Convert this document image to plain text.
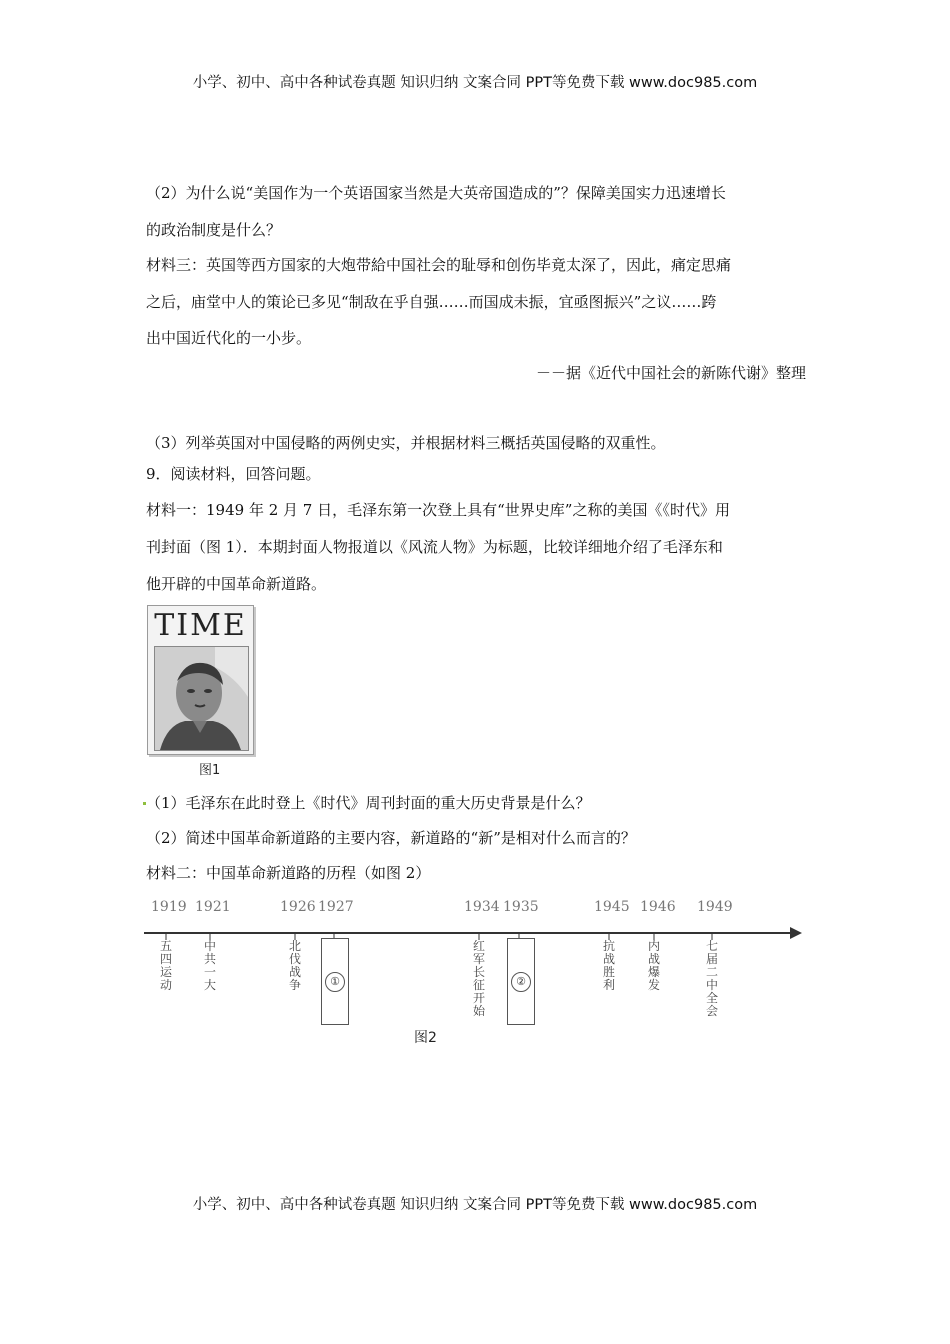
小学、初中、高中各种试卷真题 知识归纳 文案合同 PPT等免费下载 www.doc985.com
（2）为什么说“美国作为一个英语国家当然是大英帝国造成的”？保障美国实力迅速增长
的政治制度是什么？
材料三：英国等西方国家的大炮带給中国社会的耻辱和创伤毕竟太深了，因此，痛定思痛
之后，庙堂中人的策论已多见“制敌在乎自强……而国成未振，宜亟图振兴”之议……跨
出中国近代化的一小步。
－－据《近代中国社会的新陈代谢》整理
（3）列举英国对中国侵略的两例史实，并根据材料三概括英国侵略的双重性。
9．阅读材料，回答问题。
材料一：1949 年 2 月 7 日，毛泽东第一次登上具有“世界史库”之称的美国《《时代》用
刊封面（图 1）．本期封面人物报道以《风流人物》为标题，比较详细地介绍了毛泽东和
他开辟的中国革命新道路。
TIME
图1
（1）毛泽东在此时登上《时代》周刊封面的重大历史背景是什么？
（2）简述中国革命新道路的主要内容，新道路的“新”是相对什么而言的？
材料二：中国革命新道路的历程（如图 2）
1919 1921	1926 1927	1934 1935	1945 1946 1949
五四运动
中共一大
北伐战争
红军长征开始
抗战胜利
内战爆发
七届二中全会
①	②
图2
小学、初中、高中各种试卷真题 知识归纳 文案合同 PPT等免费下载 www.doc985.com
